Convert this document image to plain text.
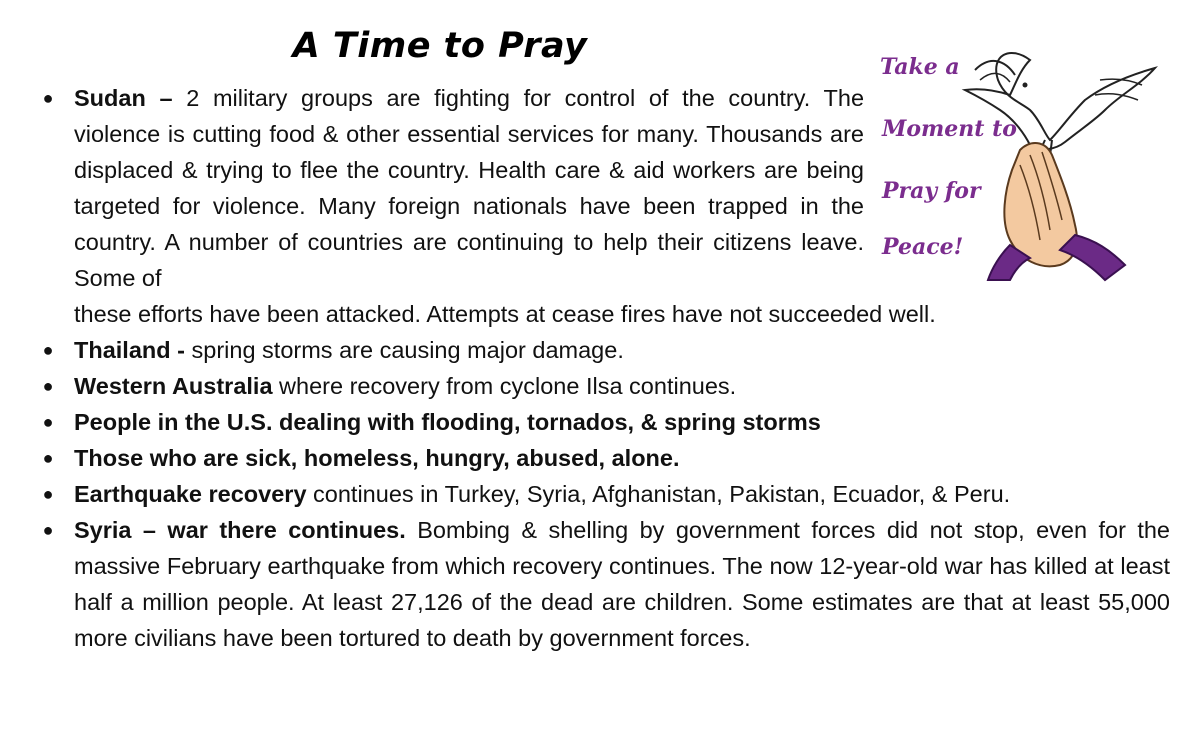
A Time to Pray
Take a
Moment to
Pray for
Peace!
● Sudan – 2 military groups are fighting for control of the country. The violence is cutting food & other essential services for many. Thousands are displaced & trying to flee the country. Health care & aid workers are being targeted for violence. Many foreign nationals have been trapped in the country. A number of countries are continuing to help their citizens leave. Some of
these efforts have been attacked. Attempts at cease fires have not succeeded well.
● Thailand - spring storms are causing major damage.
● Western Australia where recovery from cyclone Ilsa continues.
● People in the U.S. dealing with flooding, tornados, & spring storms
● Those who are sick, homeless, hungry, abused, alone.
● Earthquake recovery continues in Turkey, Syria, Afghanistan, Pakistan, Ecuador, & Peru.
● Syria – war there continues. Bombing & shelling by government forces did not stop, even for the massive February earthquake from which recovery continues. The now 12-year-old war has killed at least half a million people. At least 27,126 of the dead are children. Some estimates are that at least 55,000 more civilians have been tortured to death by government forces.
